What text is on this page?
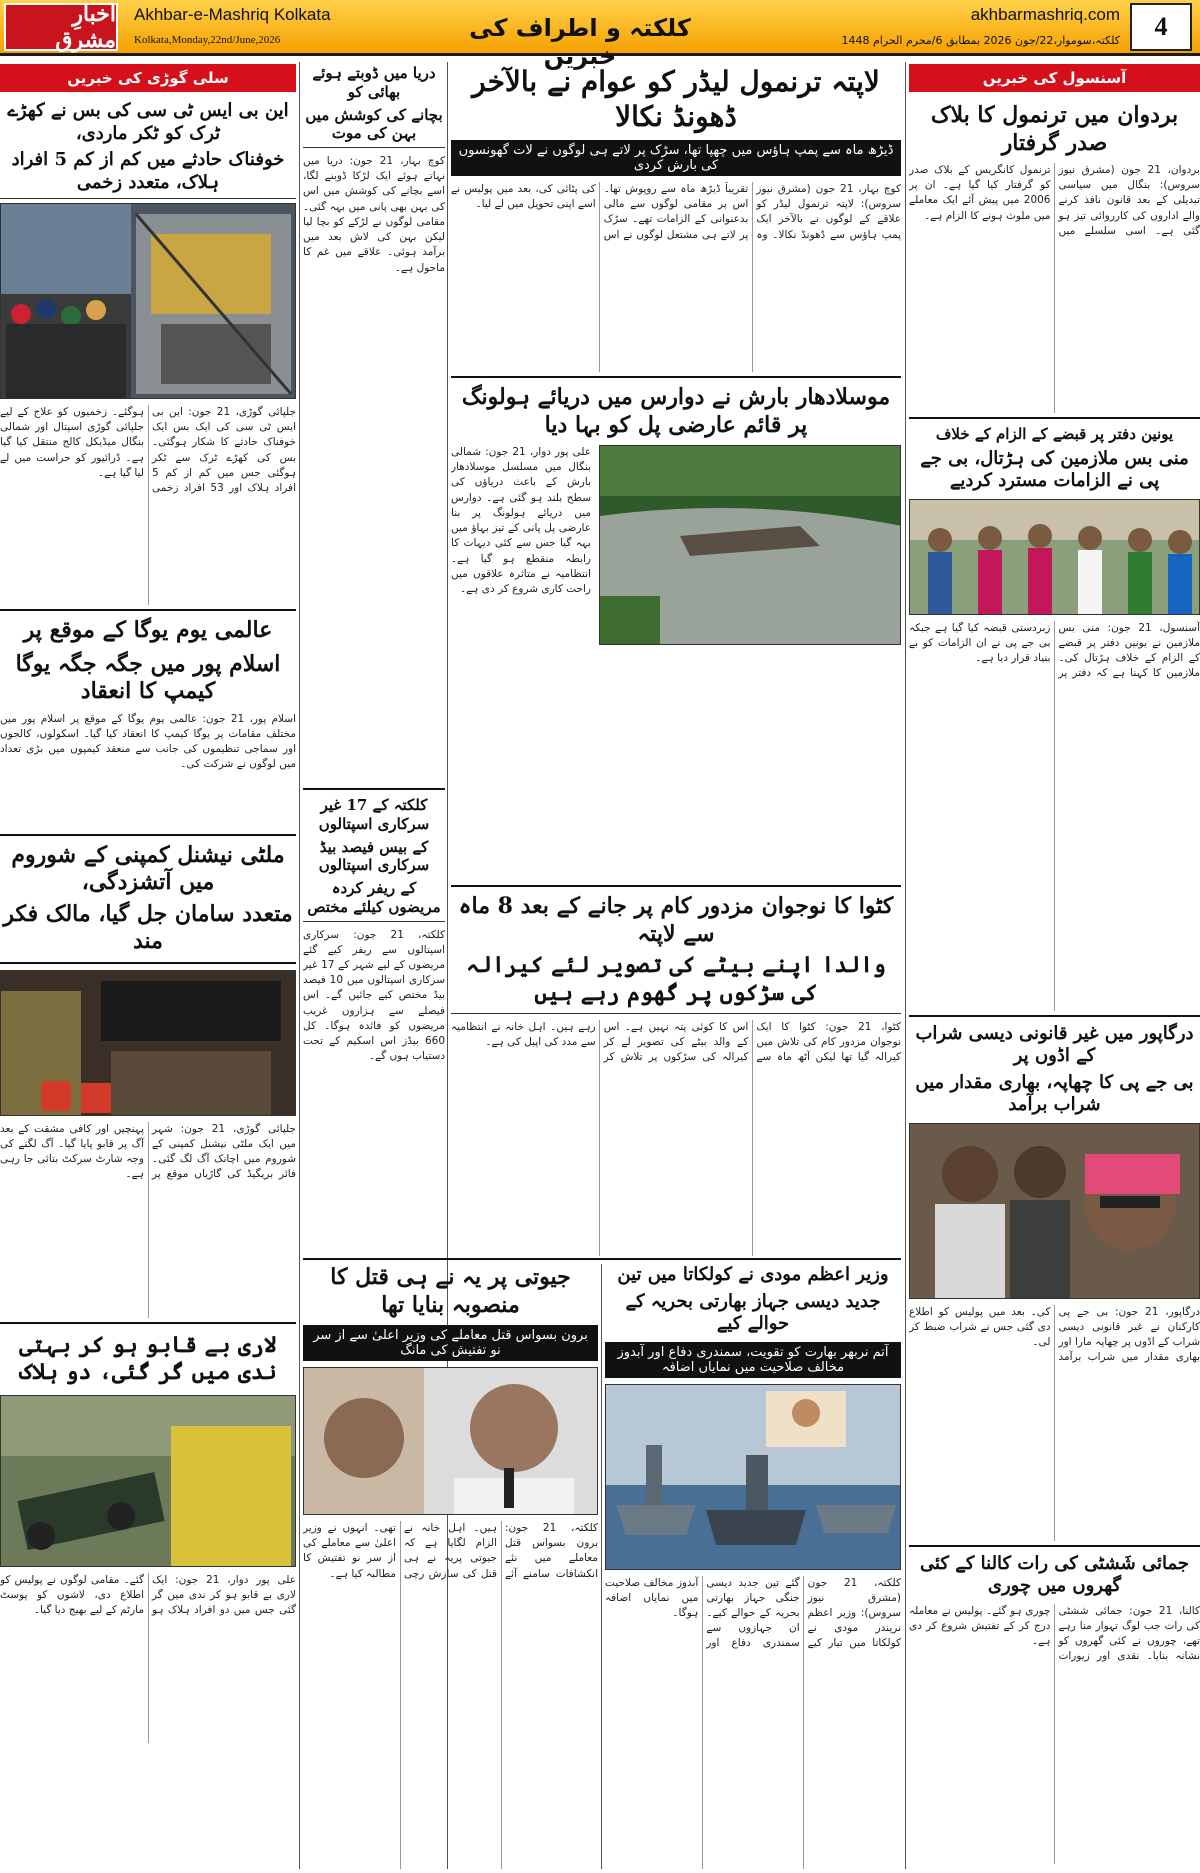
اخبارِ مشرق
Akhbar-e-Mashriq Kolkata
Kolkata,Monday,22nd/June,2026	کلکتہ و اطراف کی خبریں
akhbarmashriq.com
کلکتہ،سوموار،22/جون 2026 بمطابق 6/محرم الحرام 1448	4
سلی گوڑی کی خبریں
این بی ایس ٹی سی کی بس نے کھڑے ٹرک کو ٹکر ماردی،
خوفناک حادثے میں کم از کم 5 افراد ہلاک، متعدد زخمی
جلپائی گوڑی، 21 جون: این بی ایس ٹی سی کی ایک بس ایک خوفناک حادثے کا شکار ہوگئی۔ بس کی کھڑے ٹرک سے ٹکر ہوگئی جس میں کم از کم 5 افراد ہلاک اور 53 افراد زخمی ہوگئے۔ زخمیوں کو علاج کے لیے جلپائی گوڑی اسپتال اور شمالی بنگال میڈیکل کالج منتقل کیا گیا ہے۔ ڈرائیور کو حراست میں لے لیا گیا ہے۔
عالمی یوم یوگا کے موقع پر
اسلام پور میں جگہ جگہ یوگا کیمپ کا انعقاد
اسلام پور، 21 جون: عالمی یوم یوگا کے موقع پر اسلام پور میں مختلف مقامات پر یوگا کیمپ کا انعقاد کیا گیا۔ اسکولوں، کالجوں اور سماجی تنظیموں کی جانب سے منعقد کیمپوں میں بڑی تعداد میں لوگوں نے شرکت کی۔
ملٹی نیشنل کمپنی کے شوروم میں آتشزدگی،
متعدد سامان جل گیا، مالک فکر مند
جلپائی گوڑی، 21 جون: شہر میں ایک ملٹی نیشنل کمپنی کے شوروم میں اچانک آگ لگ گئی۔ فائر بریگیڈ کی گاڑیاں موقع پر پہنچیں اور کافی مشقت کے بعد آگ پر قابو پایا گیا۔ آگ لگنے کی وجہ شارٹ سرکٹ بتائی جا رہی ہے۔
لاری بے قابو ہو کر بہتی ندی میں گر گئی، دو ہلاک
علی پور دوار، 21 جون: ایک لاری بے قابو ہو کر ندی میں گر گئی جس میں دو افراد ہلاک ہو گئے۔ مقامی لوگوں نے پولیس کو اطلاع دی، لاشوں کو پوسٹ مارٹم کے لیے بھیج دیا گیا۔
دریا میں ڈوبتے ہوئے بھائی کو
بچانے کی کوشش میں بہن کی موت
کوچ بہار، 21 جون: دریا میں نہاتے ہوئے ایک لڑکا ڈوبنے لگا، اسے بچانے کی کوشش میں اس کی بہن بھی پانی میں بہہ گئی۔ مقامی لوگوں نے لڑکے کو بچا لیا لیکن بہن کی لاش بعد میں برآمد ہوئی۔ علاقے میں غم کا ماحول ہے۔
کلکتہ کے 17 غیر سرکاری اسپتالوں
کے بیس فیصد بیڈ سرکاری اسپتالوں
کے ریفر کردہ مریضوں کیلئے مختص
کلکتہ، 21 جون: سرکاری اسپتالوں سے ریفر کیے گئے مریضوں کے لیے شہر کے 17 غیر سرکاری اسپتالوں میں 10 فیصد بیڈ مختص کیے جائیں گے۔ اس فیصلے سے ہزاروں غریب مریضوں کو فائدہ ہوگا۔ کل 660 بیڈز اس اسکیم کے تحت دستیاب ہوں گے۔
لاپتہ ترنمول لیڈر کو عوام نے بالآخر ڈھونڈ نکالا
ڈیڑھ ماہ سے پمپ ہاؤس میں چھپا تھا، سڑک پر لاتے ہی لوگوں نے لات گھونسوں کی بارش کردی
کوچ بہار، 21 جون (مشرق نیوز سروس): لاپتہ ترنمول لیڈر کو علاقے کے لوگوں نے بالآخر ایک پمپ ہاؤس سے ڈھونڈ نکالا۔ وہ تقریباً ڈیڑھ ماہ سے روپوش تھا۔ اس پر مقامی لوگوں سے مالی بدعنوانی کے الزامات تھے۔ سڑک پر لاتے ہی مشتعل لوگوں نے اس کی پٹائی کی، بعد میں پولیس نے اسے اپنی تحویل میں لے لیا۔
موسلادھار بارش نے دوارس میں دریائے ہولونگ پر قائم عارضی پل کو بہا دیا
علی پور دوار، 21 جون: شمالی بنگال میں مسلسل موسلادھار بارش کے باعث دریاؤں کی سطح بلند ہو گئی ہے۔ دوارس میں دریائے ہولونگ پر بنا عارضی پل پانی کے تیز بہاؤ میں بہہ گیا جس سے کئی دیہات کا رابطہ منقطع ہو گیا ہے۔ انتظامیہ نے متاثرہ علاقوں میں راحت کاری شروع کر دی ہے۔
کٹوا کا نوجوان مزدور کام پر جانے کے بعد 8 ماہ سے لاپتہ
والدا اپنے بیٹے کی تصویر لئے کیرالہ کی سڑکوں پر گھوم رہے ہیں
کٹوا، 21 جون: کٹوا کا ایک نوجوان مزدور کام کی تلاش میں کیرالہ گیا تھا لیکن آٹھ ماہ سے اس کا کوئی پتہ نہیں ہے۔ اس کے والد بیٹے کی تصویر لے کر کیرالہ کی سڑکوں پر تلاش کر رہے ہیں۔ اہل خانہ نے انتظامیہ سے مدد کی اپیل کی ہے۔
جیوتی پر یہ نے ہی قتل کا منصوبہ بنایا تھا
برون بسواس قتل معاملے کی وزیر اعلیٰ سے از سر نو تفتیش کی مانگ
کلکتہ، 21 جون: برون بسواس قتل معاملے میں نئے انکشافات سامنے آئے ہیں۔ اہل خانہ نے الزام لگایا ہے کہ جیوتی پریہ نے ہی قتل کی سازش رچی تھی۔ انہوں نے وزیر اعلیٰ سے معاملے کی از سر نو تفتیش کا مطالبہ کیا ہے۔
وزیر اعظم مودی نے کولکاتا میں تین
جدید دیسی جہاز بھارتی بحریہ کے حوالے کیے
آتم نربھر بھارت کو تقویت، سمندری دفاع اور آبدوز مخالف صلاحیت میں نمایاں اضافہ
کلکتہ، 21 جون (مشرق نیوز سروس): وزیر اعظم نریندر مودی نے کولکاتا میں تیار کیے گئے تین جدید دیسی جنگی جہاز بھارتی بحریہ کے حوالے کیے۔ ان جہازوں سے سمندری دفاع اور آبدوز مخالف صلاحیت میں نمایاں اضافہ ہوگا۔
آسنسول کی خبریں
بردوان میں ترنمول کا بلاک صدر گرفتار
بردوان، 21 جون (مشرق نیوز سروس): بنگال میں سیاسی تبدیلی کے بعد قانون نافذ کرنے والے اداروں کی کارروائی تیز ہو گئی ہے۔ اسی سلسلے میں ترنمول کانگریس کے بلاک صدر کو گرفتار کیا گیا ہے۔ ان پر 2006 میں پیش آئے ایک معاملے میں ملوث ہونے کا الزام ہے۔
یونین دفتر پر قبضے کے الزام کے خلاف
منی بس ملازمین کی ہڑتال، بی جے پی نے الزامات مسترد کردیے
آسنسول، 21 جون: منی بس ملازمین نے یونین دفتر پر قبضے کے الزام کے خلاف ہڑتال کی۔ ملازمین کا کہنا ہے کہ دفتر پر زبردستی قبضہ کیا گیا ہے جبکہ بی جے پی نے ان الزامات کو بے بنیاد قرار دیا ہے۔
درگاپور میں غیر قانونی دیسی شراب کے اڈوں پر
بی جے پی کا چھاپہ، بھاری مقدار میں شراب برآمد
درگاپور، 21 جون: بی جے پی کارکنان نے غیر قانونی دیسی شراب کے اڈوں پر چھاپہ مارا اور بھاری مقدار میں شراب برآمد کی۔ بعد میں پولیس کو اطلاع دی گئی جس نے شراب ضبط کر لی۔
جمائی شَشٹی کی رات کالنا کے کئی گھروں میں چوری
کالنا، 21 جون: جمائی ششٹی کی رات جب لوگ تہوار منا رہے تھے، چوروں نے کئی گھروں کو نشانہ بنایا۔ نقدی اور زیورات چوری ہو گئے۔ پولیس نے معاملہ درج کر کے تفتیش شروع کر دی ہے۔
